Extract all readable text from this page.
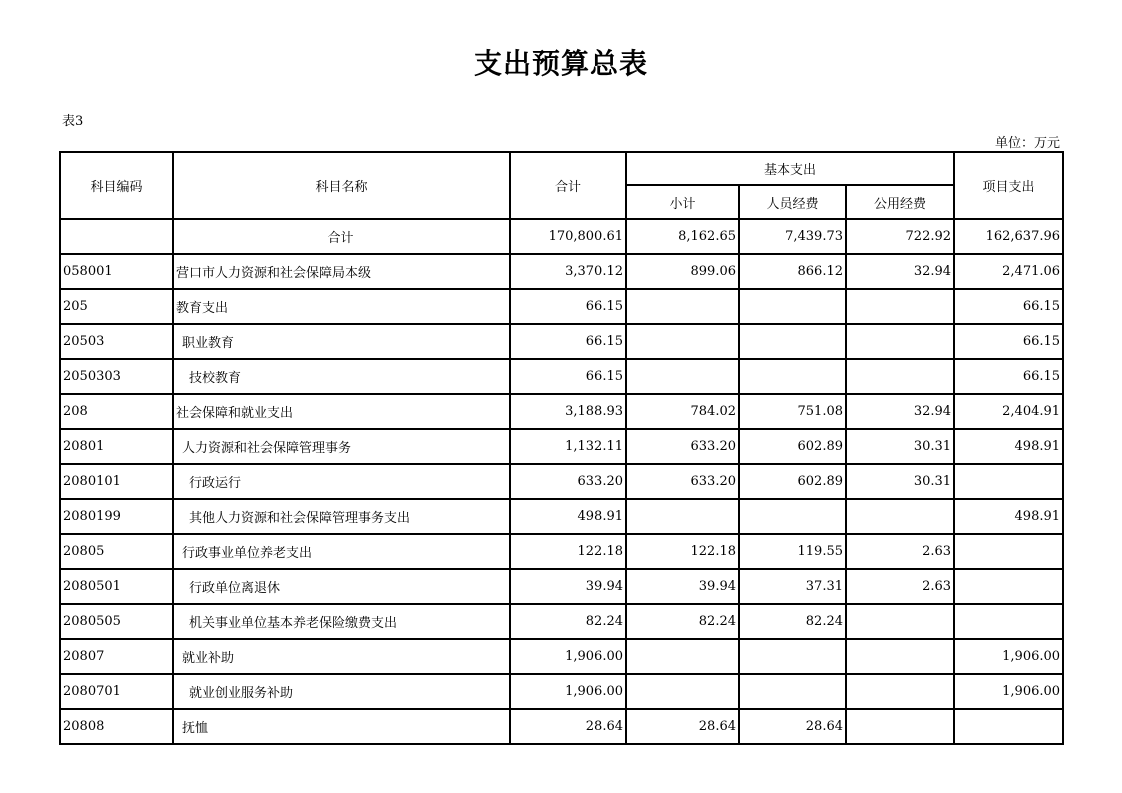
支出预算总表
表3
单位：万元
科目编码	科目名称	合计	基本支出			项目支出
			小计	人员经费	公用经费	
	合计	170,800.61	8,162.65	7,439.73	722.92	162,637.96
058001	营口市人力资源和社会保障局本级	3,370.12	899.06	866.12	32.94	2,471.06
205	教育支出	66.15				66.15
20503	职业教育	66.15				66.15
2050303	技校教育	66.15				66.15
208	社会保障和就业支出	3,188.93	784.02	751.08	32.94	2,404.91
20801	人力资源和社会保障管理事务	1,132.11	633.20	602.89	30.31	498.91
2080101	行政运行	633.20	633.20	602.89	30.31	
2080199	其他人力资源和社会保障管理事务支出	498.91				498.91
20805	行政事业单位养老支出	122.18	122.18	119.55	2.63	
2080501	行政单位离退休	39.94	39.94	37.31	2.63	
2080505	机关事业单位基本养老保险缴费支出	82.24	82.24	82.24		
20807	就业补助	1,906.00				1,906.00
2080701	就业创业服务补助	1,906.00				1,906.00
20808	抚恤	28.64	28.64	28.64		
